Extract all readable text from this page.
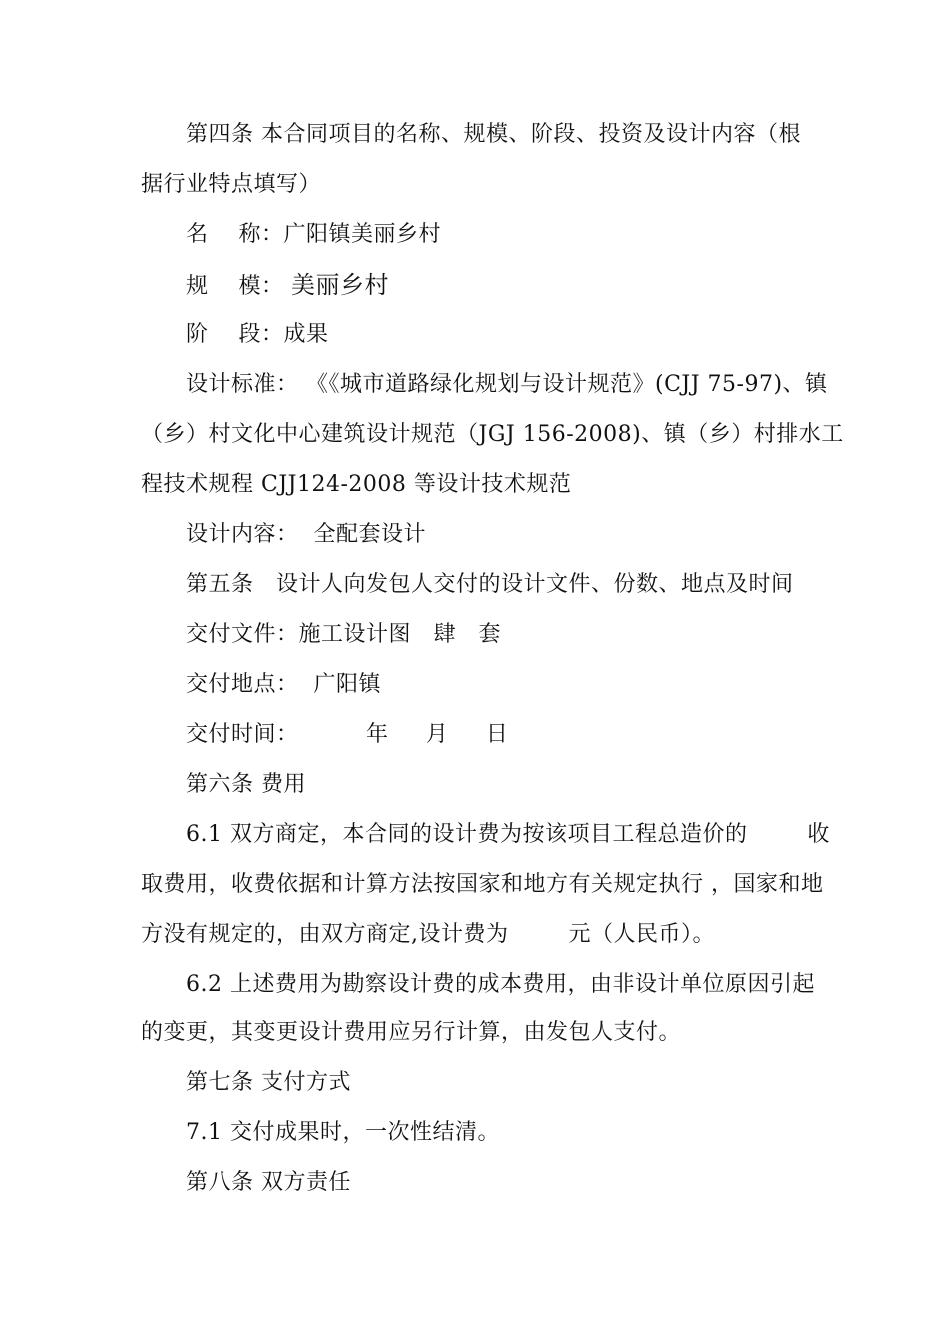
第四条 本合同项目的名称、规模、阶段、投资及设计内容（根
据行业特点填写）
名    称：广阳镇美丽乡村
规    模： 美丽乡村
阶    段：成果
设计标准： 《《城市道路绿化规划与设计规范》(CJJ 75-97)、镇
（乡）村文化中心建筑设计规范（JGJ 156-2008)、镇（乡）村排水工
程技术规程 CJJ124-2008 等设计技术规范
设计内容： 全配套设计
第五条   设计人向发包人交付的设计文件、份数、地点及时间
交付文件：施工设计图   肆   套
交付地点：  广阳镇
交付时间：         年     月     日
第六条 费用
6.1 双方商定，本合同的设计费为按该项目工程总造价的        收
取费用，收费依据和计算方法按国家和地方有关规定执行 ，国家和地
方没有规定的，由双方商定,设计费为        元（人民币）。
6.2 上述费用为勘察设计费的成本费用，由非设计单位原因引起
的变更，其变更设计费用应另行计算，由发包人支付。
第七条 支付方式
7.1 交付成果时，一次性结清。
第八条 双方责任
